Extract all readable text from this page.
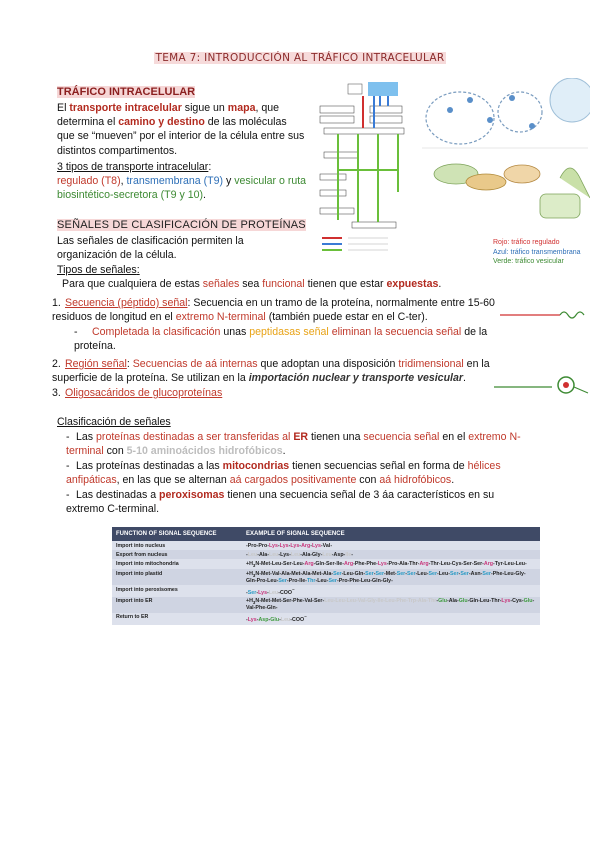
TEMA 7: INTRODUCCIÓN AL TRÁFICO INTRACELULAR
TRÁFICO INTRACELULAR
El transporte intracelular sigue un mapa, que determina el camino y destino de las moléculas que se “mueven” por el interior de la célula entre sus distintos compartimentos.
3 tipos de transporte intracelular:
regulado (T8), transmembrana (T9) y vesicular o ruta biosintético-secretora (T9 y 10).
Rojo: tráfico regulado
Azul: tráfico transmembrana
Verde: tráfico vesicular
SEÑALES DE CLASIFICACIÓN DE PROTEÍNAS
Las señales de clasificación permiten la organización de la célula.
Tipos de señales:
Para que cualquiera de estas señales sea funcional tienen que estar expuestas.
1. Secuencia (péptido) señal: Secuencia en un tramo de la proteína, normalmente entre 15-60 residuos de longitud en el extremo N-terminal (también puede estar en el C-ter).
- Completada la clasificación unas peptidasas señal eliminan la secuencia señal de la proteína.
2. Región señal: Secuencias de aá internas que adoptan una disposición tridimensional en la superficie de la proteína. Se utilizan en la importación nuclear y transporte vesicular.
3. Oligosacáridos de glucoproteínas
Clasificación de señales
- Las proteínas destinadas a ser transferidas al ER tienen una secuencia señal en el extremo N-terminal con 5-10 aminoácidos hidrofóbicos.
- Las proteínas destinadas a las mitocondrias tienen secuencias señal en forma de hélices anfipáticas, en las que se alternan aá cargados positivamente con aá hidrofóbicos.
- Las destinadas a peroxisomas tienen una secuencia señal de 3 áa característicos en su extremo C-terminal.
FUNCTION OF SIGNAL SEQUENCE	EXAMPLE OF SIGNAL SEQUENCE
Import into nucleus	-Pro-Pro-Lys-Lys-Lys-Arg-Lys-Val-
Export from nucleus	-Leu-Ala-Leu-Lys-Leu-Ala-Gly-Leu-Asp-Ile-
Import into mitochondria	$+H_3N-Met-Leu-Ser-Leu-Arg-Gln-Ser-Ile-Arg-Phe-Phe-Lys-Pro-Ala-Thr-Arg-Thr-Leu-Cys-Ser-Ser-Arg-Tyr-Leu-Leu-$
Import into plastid	$+H_3N-Met-Val-Ala-Met-Ala-Met-Ala-Ser-Leu-Gln-Ser-Ser-Met-Ser-Ser-Leu-Ser-Leu-Ser-Ser-Asn-Ser-Phe-Leu-Gly-Gln-Pro-Leu$-Ser-Pro-Ile-Thr-Leu-Ser-Pro-Phe-Leu-Gln-Gly-
Import into peroxisomes	-Ser-Lys-Leu-COO−
Import into ER	$+H_3N-Met-Met-Ser-Phe-Val-Ser-Leu-Leu-Leu-Val-Gly-Ile-Leu-Phe-Trp-Ala-Thr-Glu-Ala-Glu-Gln-Leu-Thr-Lys-Cys-Glu-Val-Phe$-Gln-
Return to ER	-Lys-Asp-Glu-Leu-COO−
